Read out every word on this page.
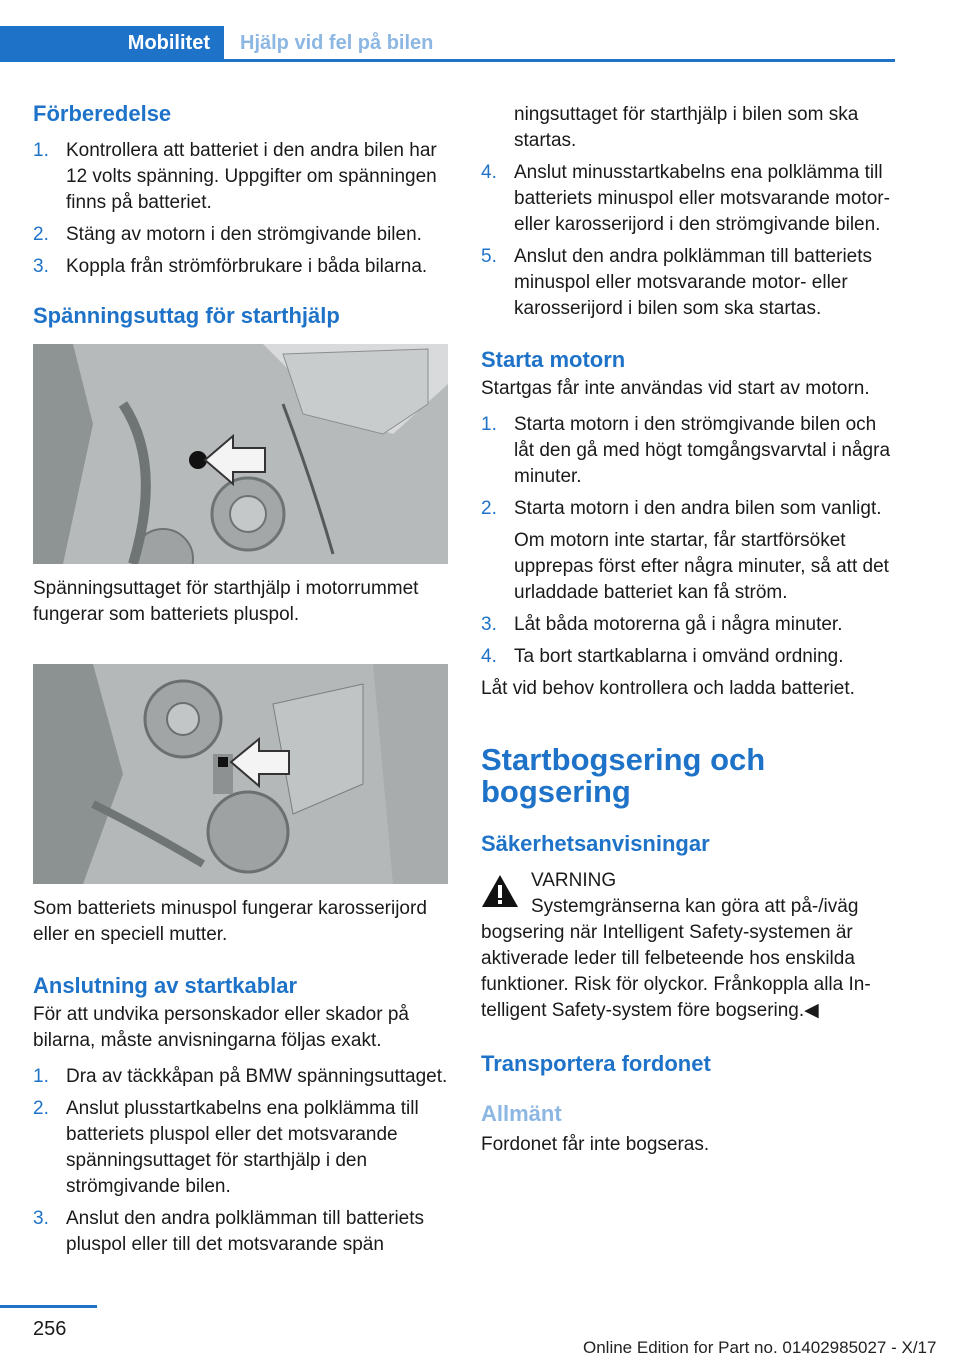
Mobilitet Hjälp vid fel på bilen
Förberedelse
1. Kontrollera att batteriet i den andra bilen har 12 volts spänning. Uppgifter om spänningen finns på batteriet.
2. Stäng av motorn i den strömgivande bilen.
3. Koppla från strömförbrukare i båda bilarna.
Spänningsuttag för starthjälp

Spänningsuttaget för starthjälp i motorrummet fungerar som batteriets pluspol.

Som batteriets minuspol fungerar karosserijord eller en speciell mutter.

Anslutning av startkablar

För att undvika personskador eller skador på bilarna, måste anvisningarna följas exakt.

1. Dra av täckkåpan på BMW spänningsuttaget.
2. Anslut plusstartkabelns ena polklämma till batteriets pluspol eller det motsvarande spänningsuttaget för starthjälp i den strömgivande bilen.
3. Anslut den andra polklämman till batteriets pluspol eller till det motsvarande spän

ningsuttaget för starthjälp i bilen som ska startas.

4. Anslut minusstartkabelns ena polklämma till batteriets minuspol eller motsvarande motor- eller karosserijord i den strömgivande bilen.
5. Anslut den andra polklämman till batteriets minuspol eller motsvarande motor- eller karosserijord i bilen som ska startas.
Starta motorn

Startgas får inte användas vid start av motorn.

1. Starta motorn i den strömgivande bilen och låt den gå med högt tomgångsvarvtal i några minuter.
2. Starta motorn i den andra bilen som vanligt.

Om motorn inte startar, får startförsöket upprepas först efter några minuter, så att det urladdade batteriet kan få ström.

3. Låt båda motorerna gå i några minuter.
4. Ta bort startkablarna i omvänd ordning.

Låt vid behov kontrollera och ladda batteriet.

Startbogsering och bogsering
Säkerhetsanvisningar
VARNING
Systemgränserna kan göra att på-/iväg

bogsering när Intelligent Safety-systemen är aktiverade leder till felbeteende hos enskilda funktioner. Risk för olyckor. Frånkoppla alla Intelligent Safety-system före bogsering.◀

Transportera fordonet
Allmänt

Fordonet får inte bogseras.

256
Online Edition for Part no. 01402985027 - X/17
